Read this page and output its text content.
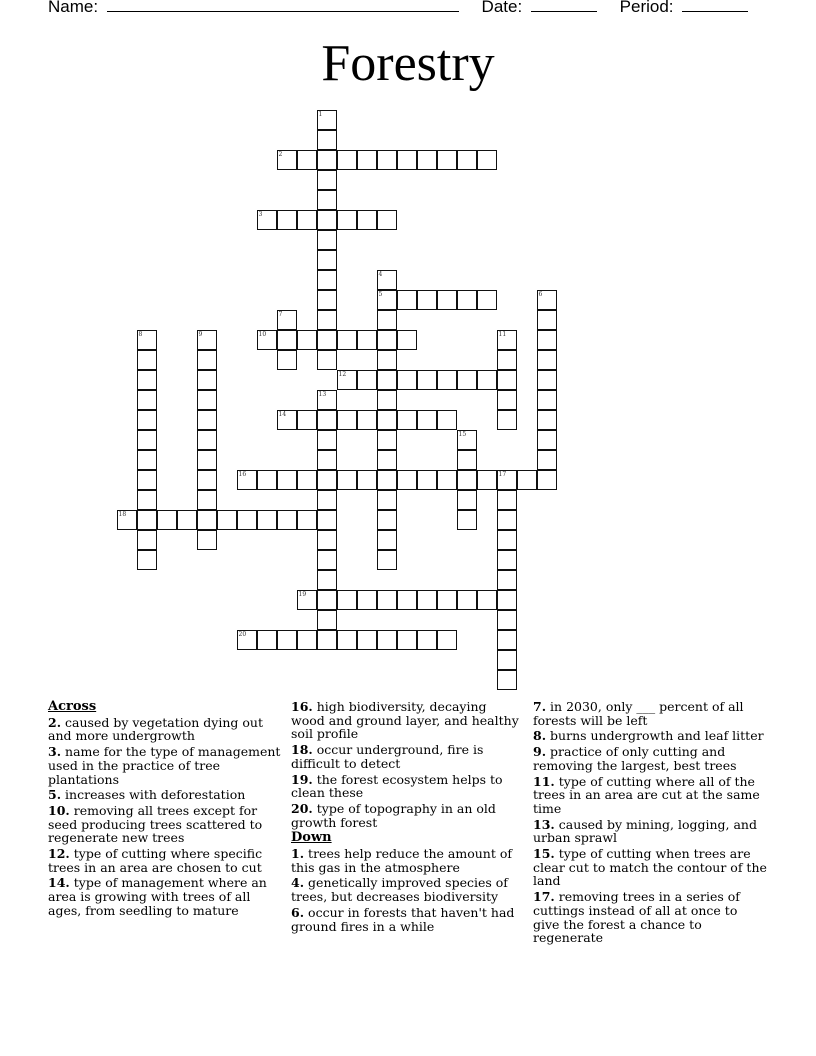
Name:	Date:	Period:
Forestry
1
2
3
4
5	6
7
8	9	10	11
12
13
14
15
16	17
18
19
20
Across
2. caused by vegetation dying out and more undergrowth
3. name for the type of management used in the practice of tree plantations
5. increases with deforestation
10. removing all trees except for seed producing trees scattered to regenerate new trees
12. type of cutting where specific trees in an area are chosen to cut
14. type of management where an area is growing with trees of all ages, from seedling to mature
16. high biodiversity, decaying wood and ground layer, and healthy soil profile
18. occur underground, fire is difficult to detect
19. the forest ecosystem helps to clean these
20. type of topography in an old growth forest
Down
1. trees help reduce the amount of this gas in the atmosphere
4. genetically improved species of trees, but decreases biodiversity
6. occur in forests that haven't had ground fires in a while
7. in 2030, only ___ percent of all forests will be left
8. burns undergrowth and leaf litter
9. practice of only cutting and removing the largest, best trees
11. type of cutting where all of the trees in an area are cut at the same time
13. caused by mining, logging, and urban sprawl
15. type of cutting when trees are clear cut to match the contour of the land
17. removing trees in a series of cuttings instead of all at once to give the forest a chance to regenerate
